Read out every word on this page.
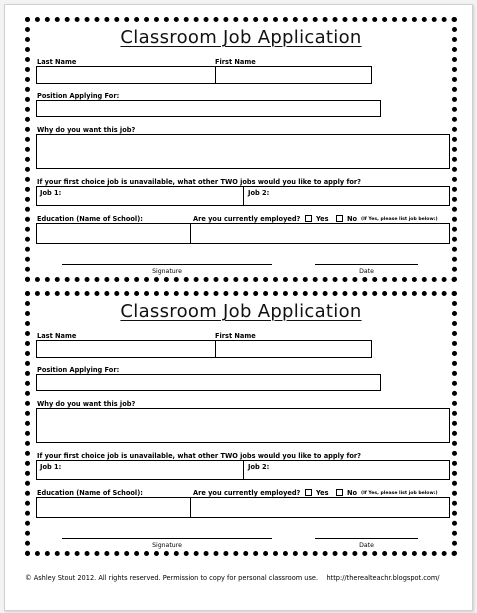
Classroom Job Application
Last Name	First Name
Position Applying For:
Why do you want this job?
If your first choice job is unavailable, what other TWO jobs would you like to apply for?
Job 1:	Job 2:
Education (Name of School):	Are you currently employed? Yes	No (If Yes, please list job below:)
Signature	Date
Classroom Job Application
Last Name	First Name
Position Applying For:
Why do you want this job?
If your first choice job is unavailable, what other TWO jobs would you like to apply for?
Job 1:	Job 2:
Education (Name of School):	Are you currently employed? Yes	No (If Yes, please list job below:)
Signature	Date
© Ashley Stout 2012. All rights reserved. Permission to copy for personal classroom use. http://therealteachr.blogspot.com/
